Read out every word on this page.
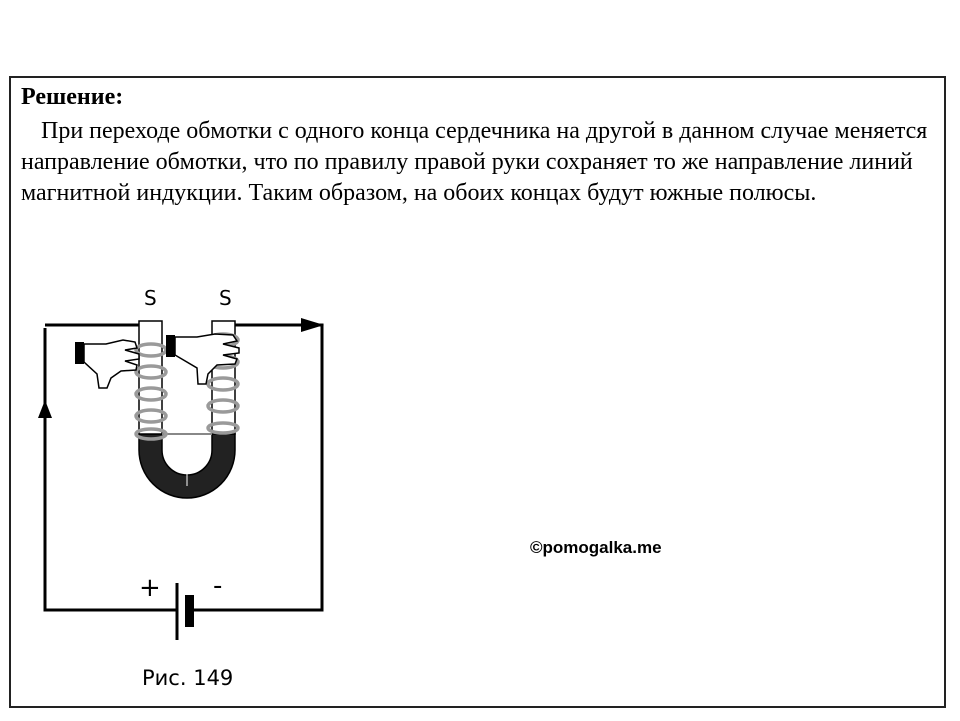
Решение:

При переходе обмотки с одного конца сердечника на другой в данном случае меняется направление обмотки, что по правилу правой руки сохраняет то же направление линий магнитной индукции. Таким образом, на обоих концах будут южные полюсы.

+ -
S	S
©pomogalka.me
Рис. 149
